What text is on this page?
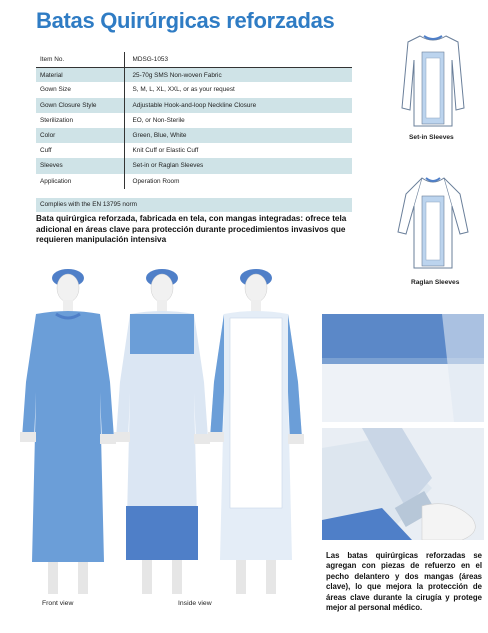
Batas Quirúrgicas reforzadas
Item No.	MDSG-1053
Material	25-70g SMS Non-woven Fabric
Gown Size	S, M, L, XL, XXL, or as your request
Gown Closure Style	Adjustable Hook-and-loop Neckline Closure
Sterilization	EO, or Non-Sterile
Color	Green, Blue, White
Cuff	Knit Cuff or Elastic Cuff
Sleeves	Set-in or Raglan Sleeves
Application	Operation Room
Complies with the EN 13795 norm
Bata quirúrgica reforzada, fabricada en tela, con mangas integradas: ofrece tela adicional en áreas clave para protección durante procedimientos invasivos que requieren manipulación intensiva
Set-in Sleeves
Raglan Sleeves
Front view	Inside view
Las batas quirúrgicas reforzadas se agregan con piezas de refuerzo en el pecho delantero y dos mangas (áreas clave), lo que mejora la protección de áreas clave durante la cirugía y protege mejor al personal médico.
